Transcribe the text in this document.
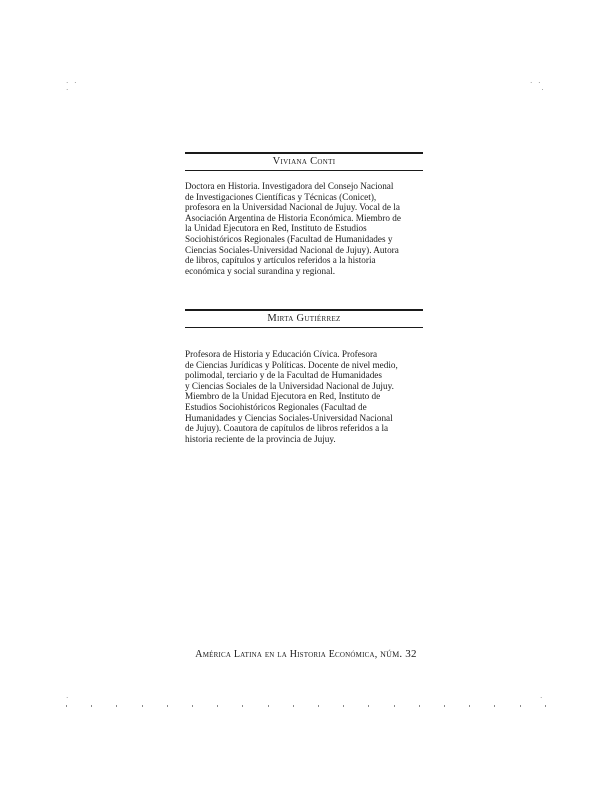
· ·
·
· ·
·
·	·
Viviana Conti

Doctora en Historia. Investigadora del Consejo Nacional
de Investigaciones Científicas y Técnicas (Conicet),
profesora en la Universidad Nacional de Jujuy. Vocal de la
Asociación Argentina de Historia Económica. Miembro de
la Unidad Ejecutora en Red, Instituto de Estudios
Sociohistóricos Regionales (Facultad de Humanidades y
Ciencias Sociales-Universidad Nacional de Jujuy). Autora
de libros, capítulos y artículos referidos a la historia
económica y social surandina y regional.

Mirta Gutiérrez

Profesora de Historia y Educación Cívica. Profesora
de Ciencias Jurídicas y Políticas. Docente de nivel medio,
polimodal, terciario y de la Facultad de Humanidades
y Ciencias Sociales de la Universidad Nacional de Jujuy.
Miembro de la Unidad Ejecutora en Red, Instituto de
Estudios Sociohistóricos Regionales (Facultad de
Humanidades y Ciencias Sociales-Universidad Nacional
de Jujuy). Coautora de capítulos de libros referidos a la
historia reciente de la provincia de Jujuy.

América Latina en la Historia Económica, núm. 32
